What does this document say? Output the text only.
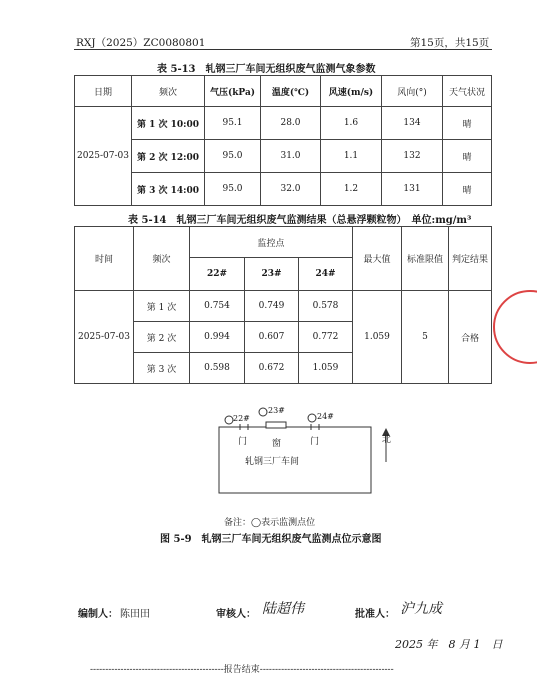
RXJ（2025）ZC0080801	第15页，共15页
表 5-13　轧钢三厂车间无组织废气监测气象参数
日期	频次	气压(kPa)	温度(℃)	风速(m/s)	风向(°)	天气状况
2025-07-03	第 1 次 10:00	95.1	28.0	1.6	134	晴
	第 2 次 12:00	95.0	31.0	1.1	132	晴
	第 3 次 14:00	95.0	32.0	1.2	131	晴
表 5-14　轧钢三厂车间无组织废气监测结果（总悬浮颗粒物）　单位:mg/m³
时间	频次	监控点			最大值	标准限值	判定结果
		22#	23#	24#			
2025-07-03	第 1 次	0.754	0.749	0.578	1.059	5	合格
	第 2 次	0.994	0.607	0.772			
	第 3 次	0.598	0.672	1.059			
22#
23#
24#
门	窗	门
轧钢三厂车间
北
备注：◯表示监测点位
图 5-9　轧钢三厂车间无组织废气监测点位示意图
编制人： 陈田田	审核人： 陆超伟	批准人： 沪九成
2025 年　8 月 1　日
--------------------------------------------报告结束--------------------------------------------
